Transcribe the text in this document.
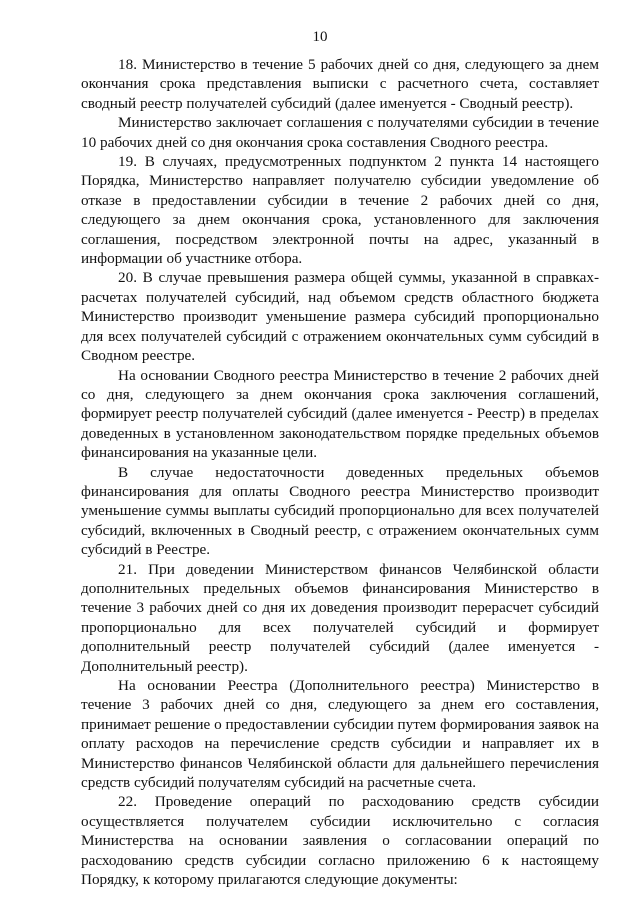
10

18. Министерство в течение 5 рабочих дней со дня, следующего за днем окончания срока представления выписки с расчетного счета, составляет сводный реестр получателей субсидий (далее именуется - Сводный реестр).

Министерство заключает соглашения с получателями субсидии в течение 10 рабочих дней со дня окончания срока составления Сводного реестра.

19. В случаях, предусмотренных подпунктом 2 пункта 14 настоящего Порядка, Министерство направляет получателю субсидии уведомление об отказе в предоставлении субсидии в течение 2 рабочих дней со дня, следующего за днем окончания срока, установленного для заключения соглашения, посредством электронной почты на адрес, указанный в информации об участнике отбора.

20. В случае превышения размера общей суммы, указанной в справках-расчетах получателей субсидий, над объемом средств областного бюджета Министерство производит уменьшение размера субсидий пропорционально для всех получателей субсидий с отражением окончательных сумм субсидий в Сводном реестре.

На основании Сводного реестра Министерство в течение 2 рабочих дней со дня, следующего за днем окончания срока заключения соглашений, формирует реестр получателей субсидий (далее именуется - Реестр) в пределах доведенных в установленном законодательством порядке предельных объемов финансирования на указанные цели.

В случае недостаточности доведенных предельных объемов финансирования для оплаты Сводного реестра Министерство производит уменьшение суммы выплаты субсидий пропорционально для всех получателей субсидий, включенных в Сводный реестр, с отражением окончательных сумм субсидий в Реестре.

21. При доведении Министерством финансов Челябинской области дополнительных предельных объемов финансирования Министерство в течение 3 рабочих дней со дня их доведения производит перерасчет субсидий пропорционально для всех получателей субсидий и формирует дополнительный реестр получателей субсидий (далее именуется - Дополнительный реестр).

На основании Реестра (Дополнительного реестра) Министерство в течение 3 рабочих дней со дня, следующего за днем его составления, принимает решение о предоставлении субсидии путем формирования заявок на оплату расходов на перечисление средств субсидии и направляет их в Министерство финансов Челябинской области для дальнейшего перечисления средств субсидий получателям субсидий на расчетные счета.

22. Проведение операций по расходованию средств субсидии осуществляется получателем субсидии исключительно с согласия Министерства на основании заявления о согласовании операций по расходованию средств субсидии согласно приложению 6 к настоящему Порядку, к которому прилагаются следующие документы:
